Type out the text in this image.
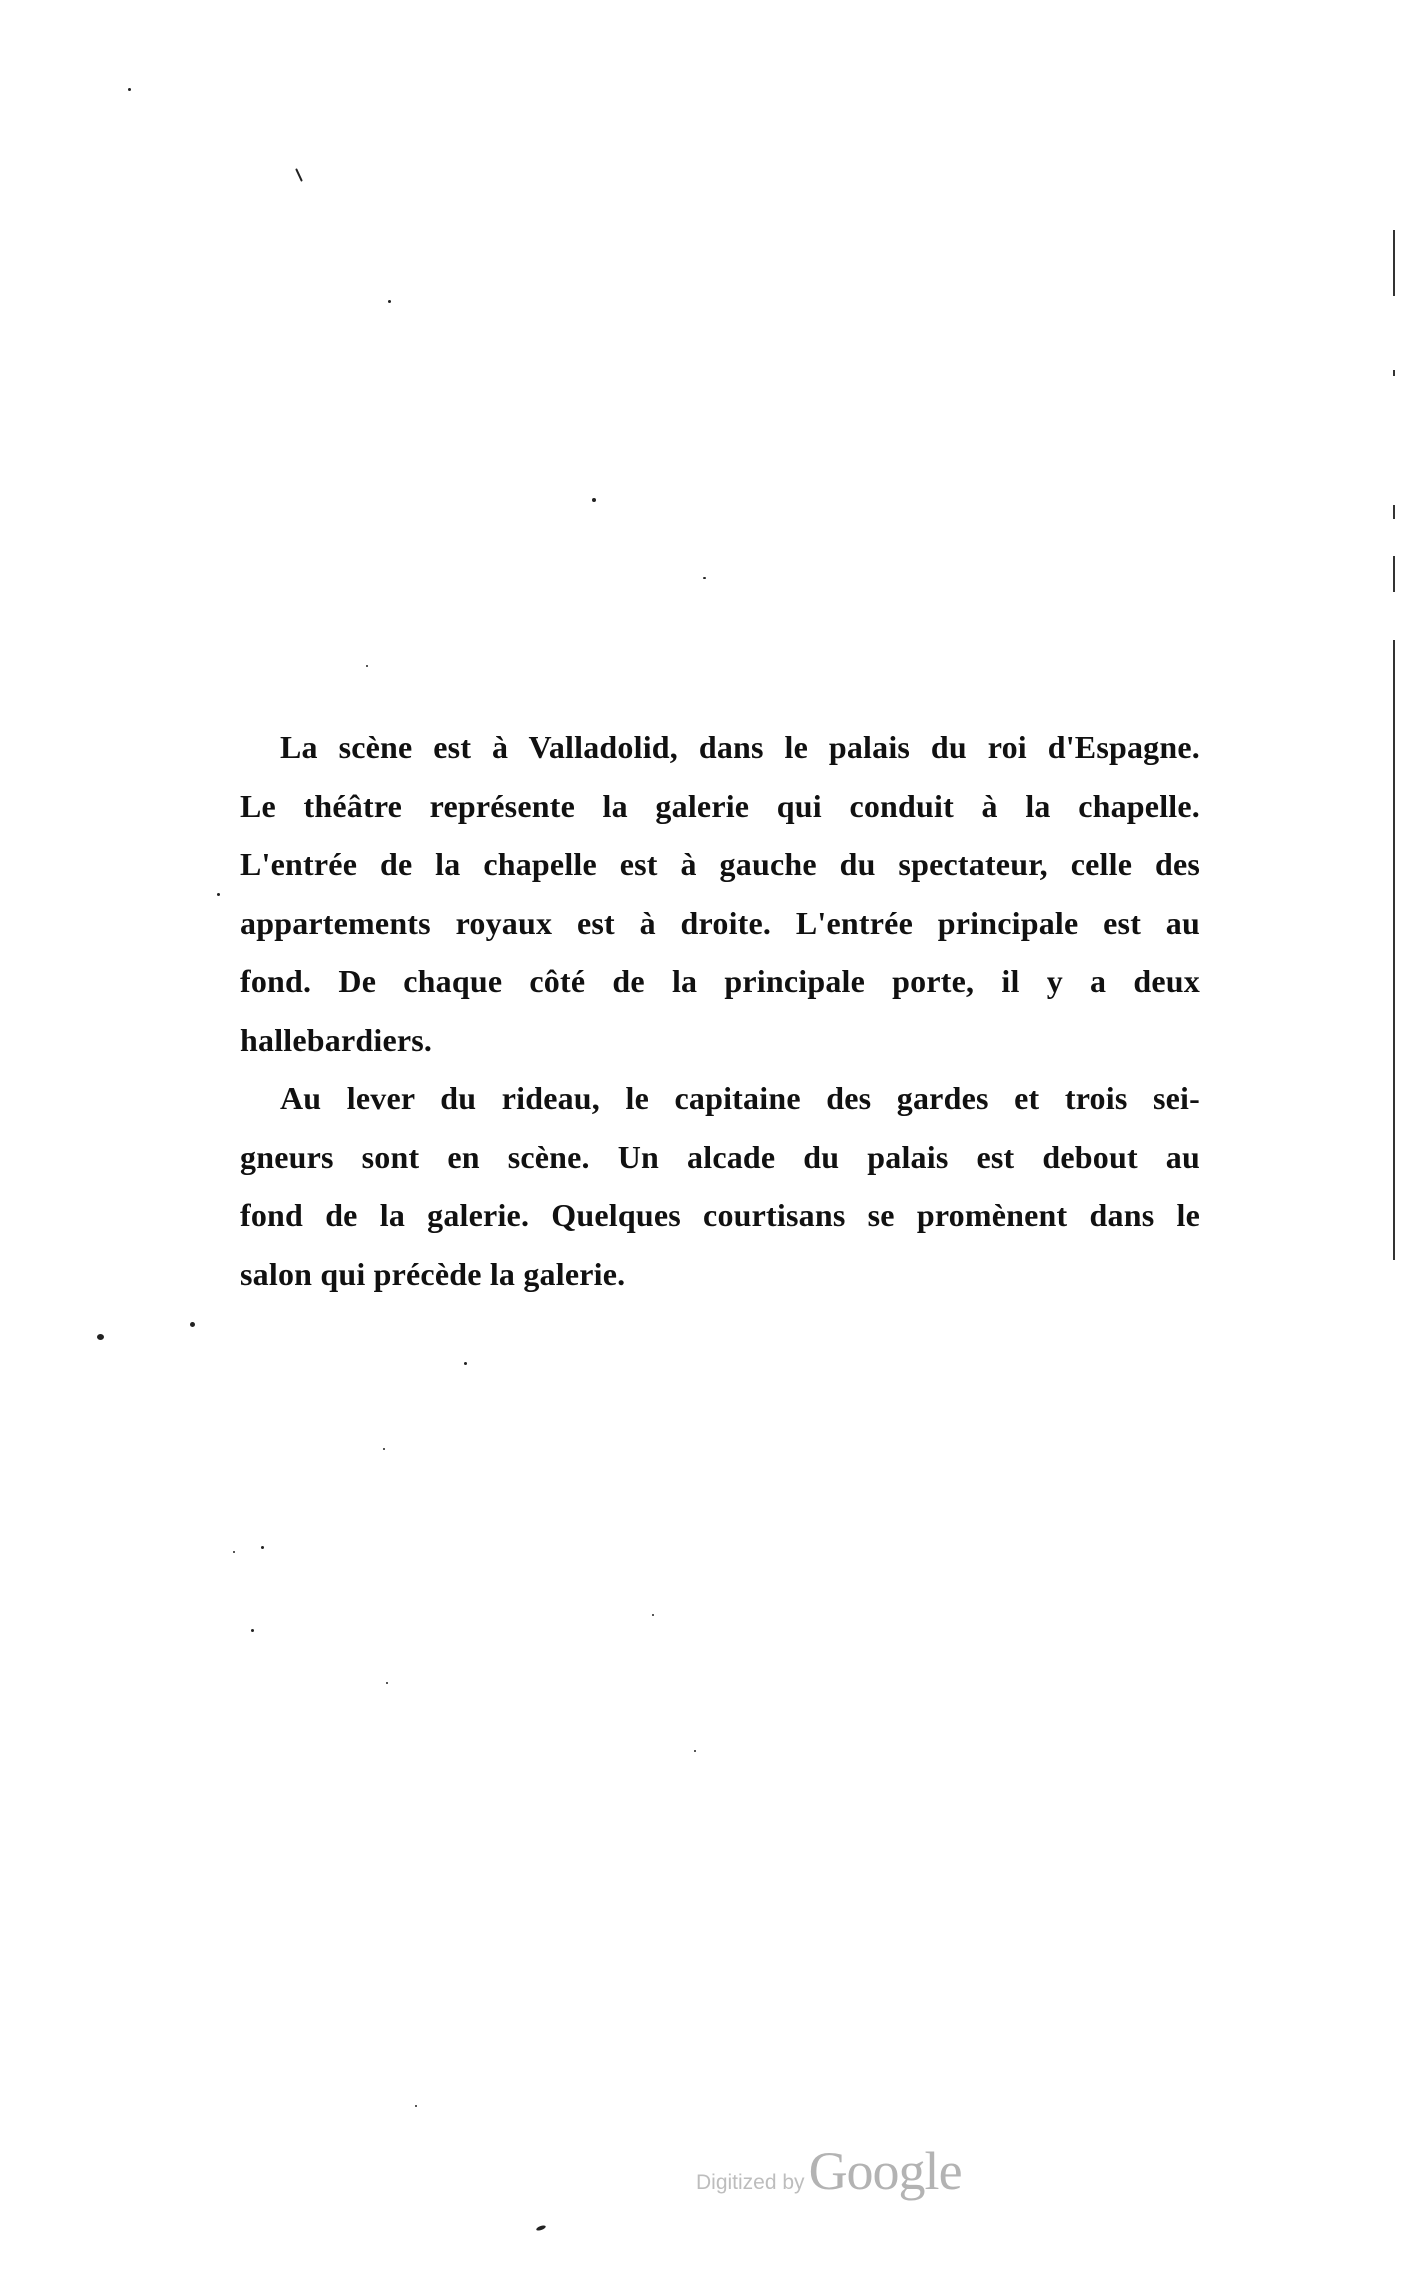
La scène est à Valladolid, dans le palais du roi d'Espagne.
Le théâtre représente la galerie qui conduit à la chapelle.
L'entrée de la chapelle est à gauche du spectateur, celle des
appartements royaux est à droite. L'entrée principale est au
fond. De chaque côté de la principale porte, il y a deux
hallebardiers.

Au lever du rideau, le capitaine des gardes et trois sei-
gneurs sont en scène. Un alcade du palais est debout au
fond de la galerie. Quelques courtisans se promènent dans le
salon qui précède la galerie.

Digitized by Google
